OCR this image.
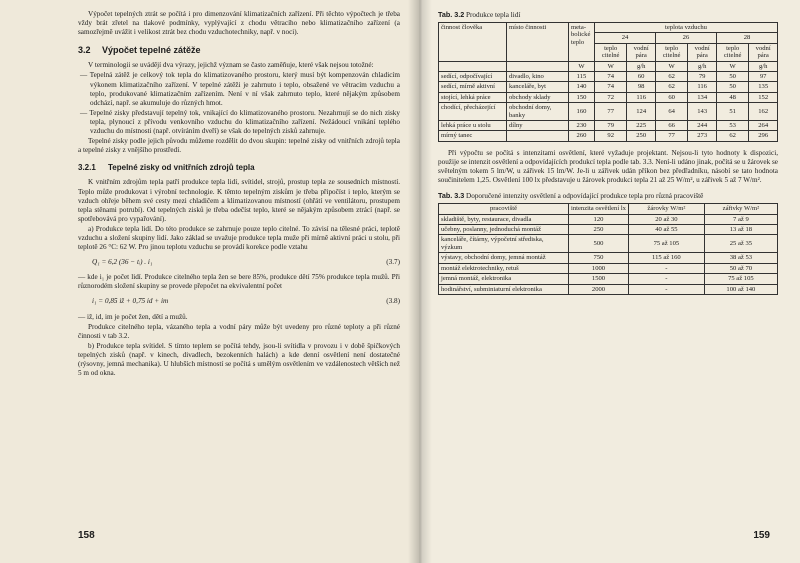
Výpočet tepelných ztrát se počítá i pro dimenzování klimatizačních zařízení. Při těchto výpočtech je třeba vždy brát zřetel na tlakové podmínky, vyplývající z chodu větracího nebo klimatizačního zařízení (a samozřejmě uvážit i velikost ztrát bez chodu vzduchotechniky, např. v noci).

3.2 Výpočet tepelné zátěže

V terminologii se uvádějí dva výrazy, jejichž význam se často zaměňuje, které však nejsou totožné:

— Tepelná zátěž je celkový tok tepla do klimatizovaného prostoru, který musí být kompenzován chladicím výkonem klimatizačního zařízení. V tepelné zátěži je zahrnuto i teplo, obsažené ve větracím vzduchu a teplo, produkované klimatizačním zařízením. Není v ní však zahrnuto teplo, které nějakým způsobem odchází, např. se akumuluje do různých hmot.

— Tepelné zisky představují tepelný tok, vnikající do klimatizovaného prostoru. Nezahrnují se do nich zisky tepla, plynoucí z přívodu venkovního vzduchu do klimatizačního zařízení. Nežádoucí vnikání teplého vzduchu do místnosti (např. otvíráním dveří) se však do tepelných zisků zahrnuje.

Tepelné zisky podle jejich původu můžeme rozdělit do dvou skupin: tepelné zisky od vnitřních zdrojů tepla a tepelné zisky z vnějšího prostředí.

3.2.1 Tepelné zisky od vnitřních zdrojů tepla

K vnitřním zdrojům tepla patří produkce tepla lidí, svítidel, strojů, prostup tepla ze sousedních místností. Teplo může produkovat i výrobní technologie. K těmto tepelným ziskům je třeba připočíst i teplo, kterým se vzduch ohřeje během své cesty mezi chladičem a klimatizovanou místností (ohřátí ve ventilátoru, prostupem tepla stěnami potrubí). Od tepelných zisků je třeba odečíst teplo, které se nějakým způsobem ztrácí (např. se spotřebovává pro vypařování).

a) Produkce tepla lidí. Do této produkce se zahrnuje pouze teplo citelné. To závisí na tělesné práci, teplotě vzduchu a složení skupiny lidí. Jako základ se uvažuje produkce tepla muže při mírně aktivní práci u stolu, při teplotě 26 °C: 62 W. Pro jinou teplotu vzduchu se provádí korekce podle vztahu

Q₁ = 6,2 (36 − tᵢ) . i₁	(3.7)

— kde i₁ je počet lidí. Produkce citelného tepla žen se bere 85%, produkce dětí 75% produkce tepla mužů. Při různorodém složení skupiny se provede přepočet na ekvivalentní počet

i₁ = 0,85 iž + 0,75 id + im	(3.8)

— iž, id, im je počet žen, dětí a mužů.

Produkce citelného tepla, vázaného tepla a vodní páry může být uvedeny pro různé teploty a při různé činnosti v tab 3.2.

b) Produkce tepla svítidel. S tímto teplem se počítá tehdy, jsou-li svítidla v provozu i v době špičkových tepelných zisků (např. v kinech, divadlech, bezokenních halách) a kde denní osvětlení není dostatečné (rýsovny, jemná mechanika). U hlubších místností se počítá s umělým osvětlením ve vzdálenostech větších než 5 m od okna.

158
Tab. 3.2 Produkce tepla lidí
činnost člověka	místo činnosti	meta-bolické teplo	teplota vzduchu					
			24		26		28	
			teplo citelné	vodní pára	teplo citelné	vodní pára	teplo citelné	vodní pára
		W	W	g/h	W	g/h	W	g/h
sedící, odpočívající	divadlo, kino	115	74	60	62	79	50	97
sedící, mírně aktivní	kanceláře, byt	140	74	98	62	116	50	135
stojící, lehká práce	obchody sklady	150	72	116	60	134	48	152
chodící, přecházející	obchodní domy, banky	160	77	124	64	143	51	162
lehká práce u stolu	dílny	230	79	225	66	244	53	264
mírný tanec		260	92	250	77	273	62	296

Při výpočtu se počítá s intenzitami osvětlení, které vyžaduje projektant. Nejsou-li tyto hodnoty k dispozici, použije se intenzit osvětlení a odpovídajících produkcí tepla podle tab. 3.3. Není-li udáno jinak, počítá se u žárovek se světelným tokem 5 lm/W, u zářivek 15 lm/W. Je-li u zářivek udán příkon bez předřadníku, násobí se tato hodnota součinitelem 1,25. Osvětlení 100 lx představuje u žárovek produkci tepla 21 až 25 W/m², u zářivek 5 až 7 W/m².

Tab. 3.3 Doporučené intenzity osvětlení a odpovídající produkce tepla pro různá pracoviště
pracoviště	intenzita osvětlení lx	žárovky W/m²	zářivky W/m²
skladiště, byty, restaurace, divadla	120	20 až 30	7 až 9
učebny, poslanny, jednoduchá montáž	250	40 až 55	13 až 18
kanceláře, čítárny, výpočetní střediska, výzkum	500	75 až 105	25 až 35
výstavy, obchodní domy, jemná montáž	750	115 až 160	38 až 53
montáž elektrotechniky, retuš	1000	-	50 až 70
jemná montáž, elektronika	1500	-	75 až 105
hodinářství, subminiaturní elektronika	2000	-	100 až 140
159
